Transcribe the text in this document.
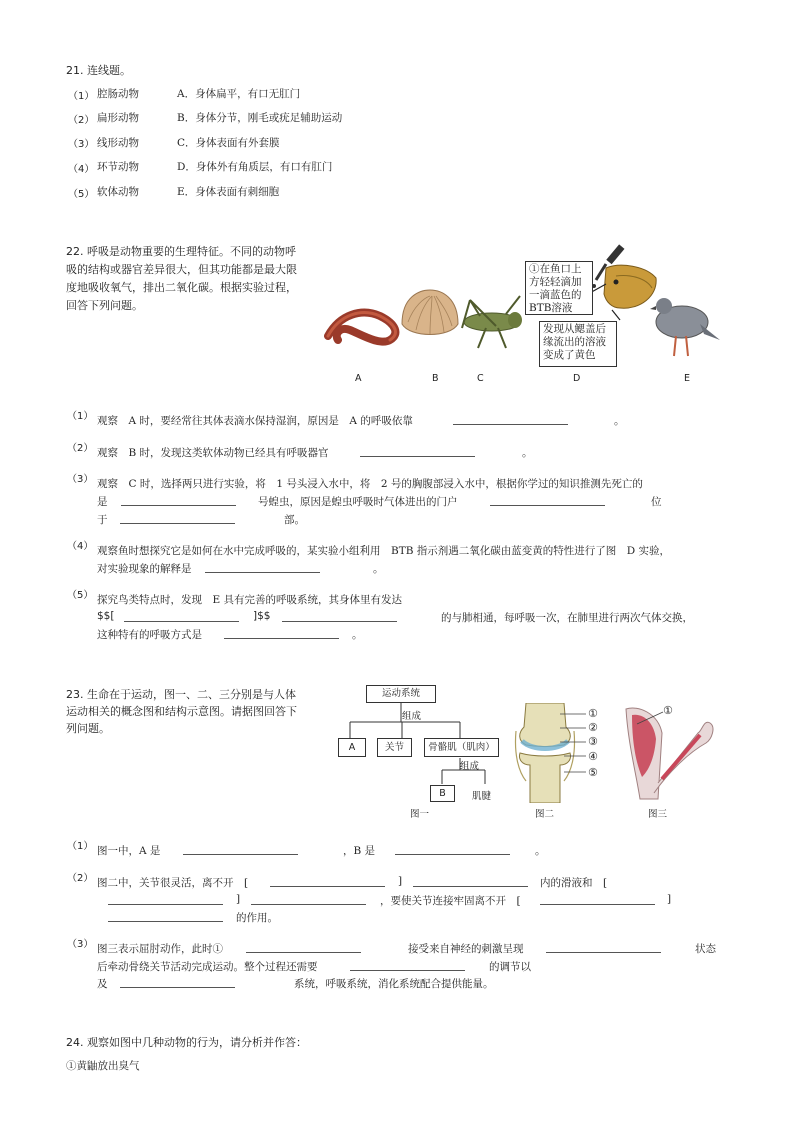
21. 连线题。
（1） 腔肠动物	A．身体扁平，有口无肛门
（2） 扁形动物	B．身体分节，刚毛或疣足辅助运动
（3） 线形动物	C．身体表面有外套膜
（4） 环节动物	D．身体外有角质层，有口有肛门
（5） 软体动物	E．身体表面有刺细胞
22. 呼吸是动物重要的生理特征。不同的动物呼
吸的结构或器官差异很大，但其功能都是最大限
度地吸收氧气，排出二氧化碳。根据实验过程，
回答下列问题。
①在鱼口上方轻轻滴加一滴蓝色的BTB溶液
发现从鳃盖后缘流出的溶液变成了黄色
A	B	C	D	E
（1） 观察　A 时，要经常往其体表滴水保持湿润，原因是　A 的呼吸依靠	。
（2） 观察　B 时，发现这类软体动物已经具有呼吸器官	。
（3） 观察　C 时，选择两只进行实验，将　1 号头浸入水中，将　2 号的胸腹部浸入水中，根据你学过的知识推测先死亡的
是	号蝗虫，原因是蝗虫呼吸时气体进出的门户	位
于	部。
（4） 观察鱼时想探究它是如何在水中完成呼吸的，某实验小组利用　BTB 指示剂遇二氧化碳由蓝变黄的特性进行了图　D 实验，
对实验现象的解释是	。
（5） 探究鸟类特点时，发现　E 具有完善的呼吸系统，其身体里有发达
$$[	]$$	的与肺相通，每呼吸一次，在肺里进行两次气体交换，
这种特有的呼吸方式是	。
23. 生命在于运动，图一、二、三分别是与人体
运动相关的概念图和结构示意图。请据图回答下
列问题。
运动系统
组成
A	关节	骨骼肌（肌肉）
组成
B	肌腱
①
②
③
④
⑤
①
图一	图二	图三
（1） 图一中，A 是	，B 是	。
（2） 图二中，关节很灵活，离不开　[	]	内的滑液和　[
]	，要使关节连接牢固离不开　[	]
的作用。
（3） 图三表示屈肘动作，此时①	接受来自神经的刺激呈现	状态
后牵动骨绕关节活动完成运动。整个过程还需要	的调节以
及	系统，呼吸系统，消化系统配合提供能量。
24. 观察如图中几种动物的行为，请分析并作答：
①黄鼬放出臭气
